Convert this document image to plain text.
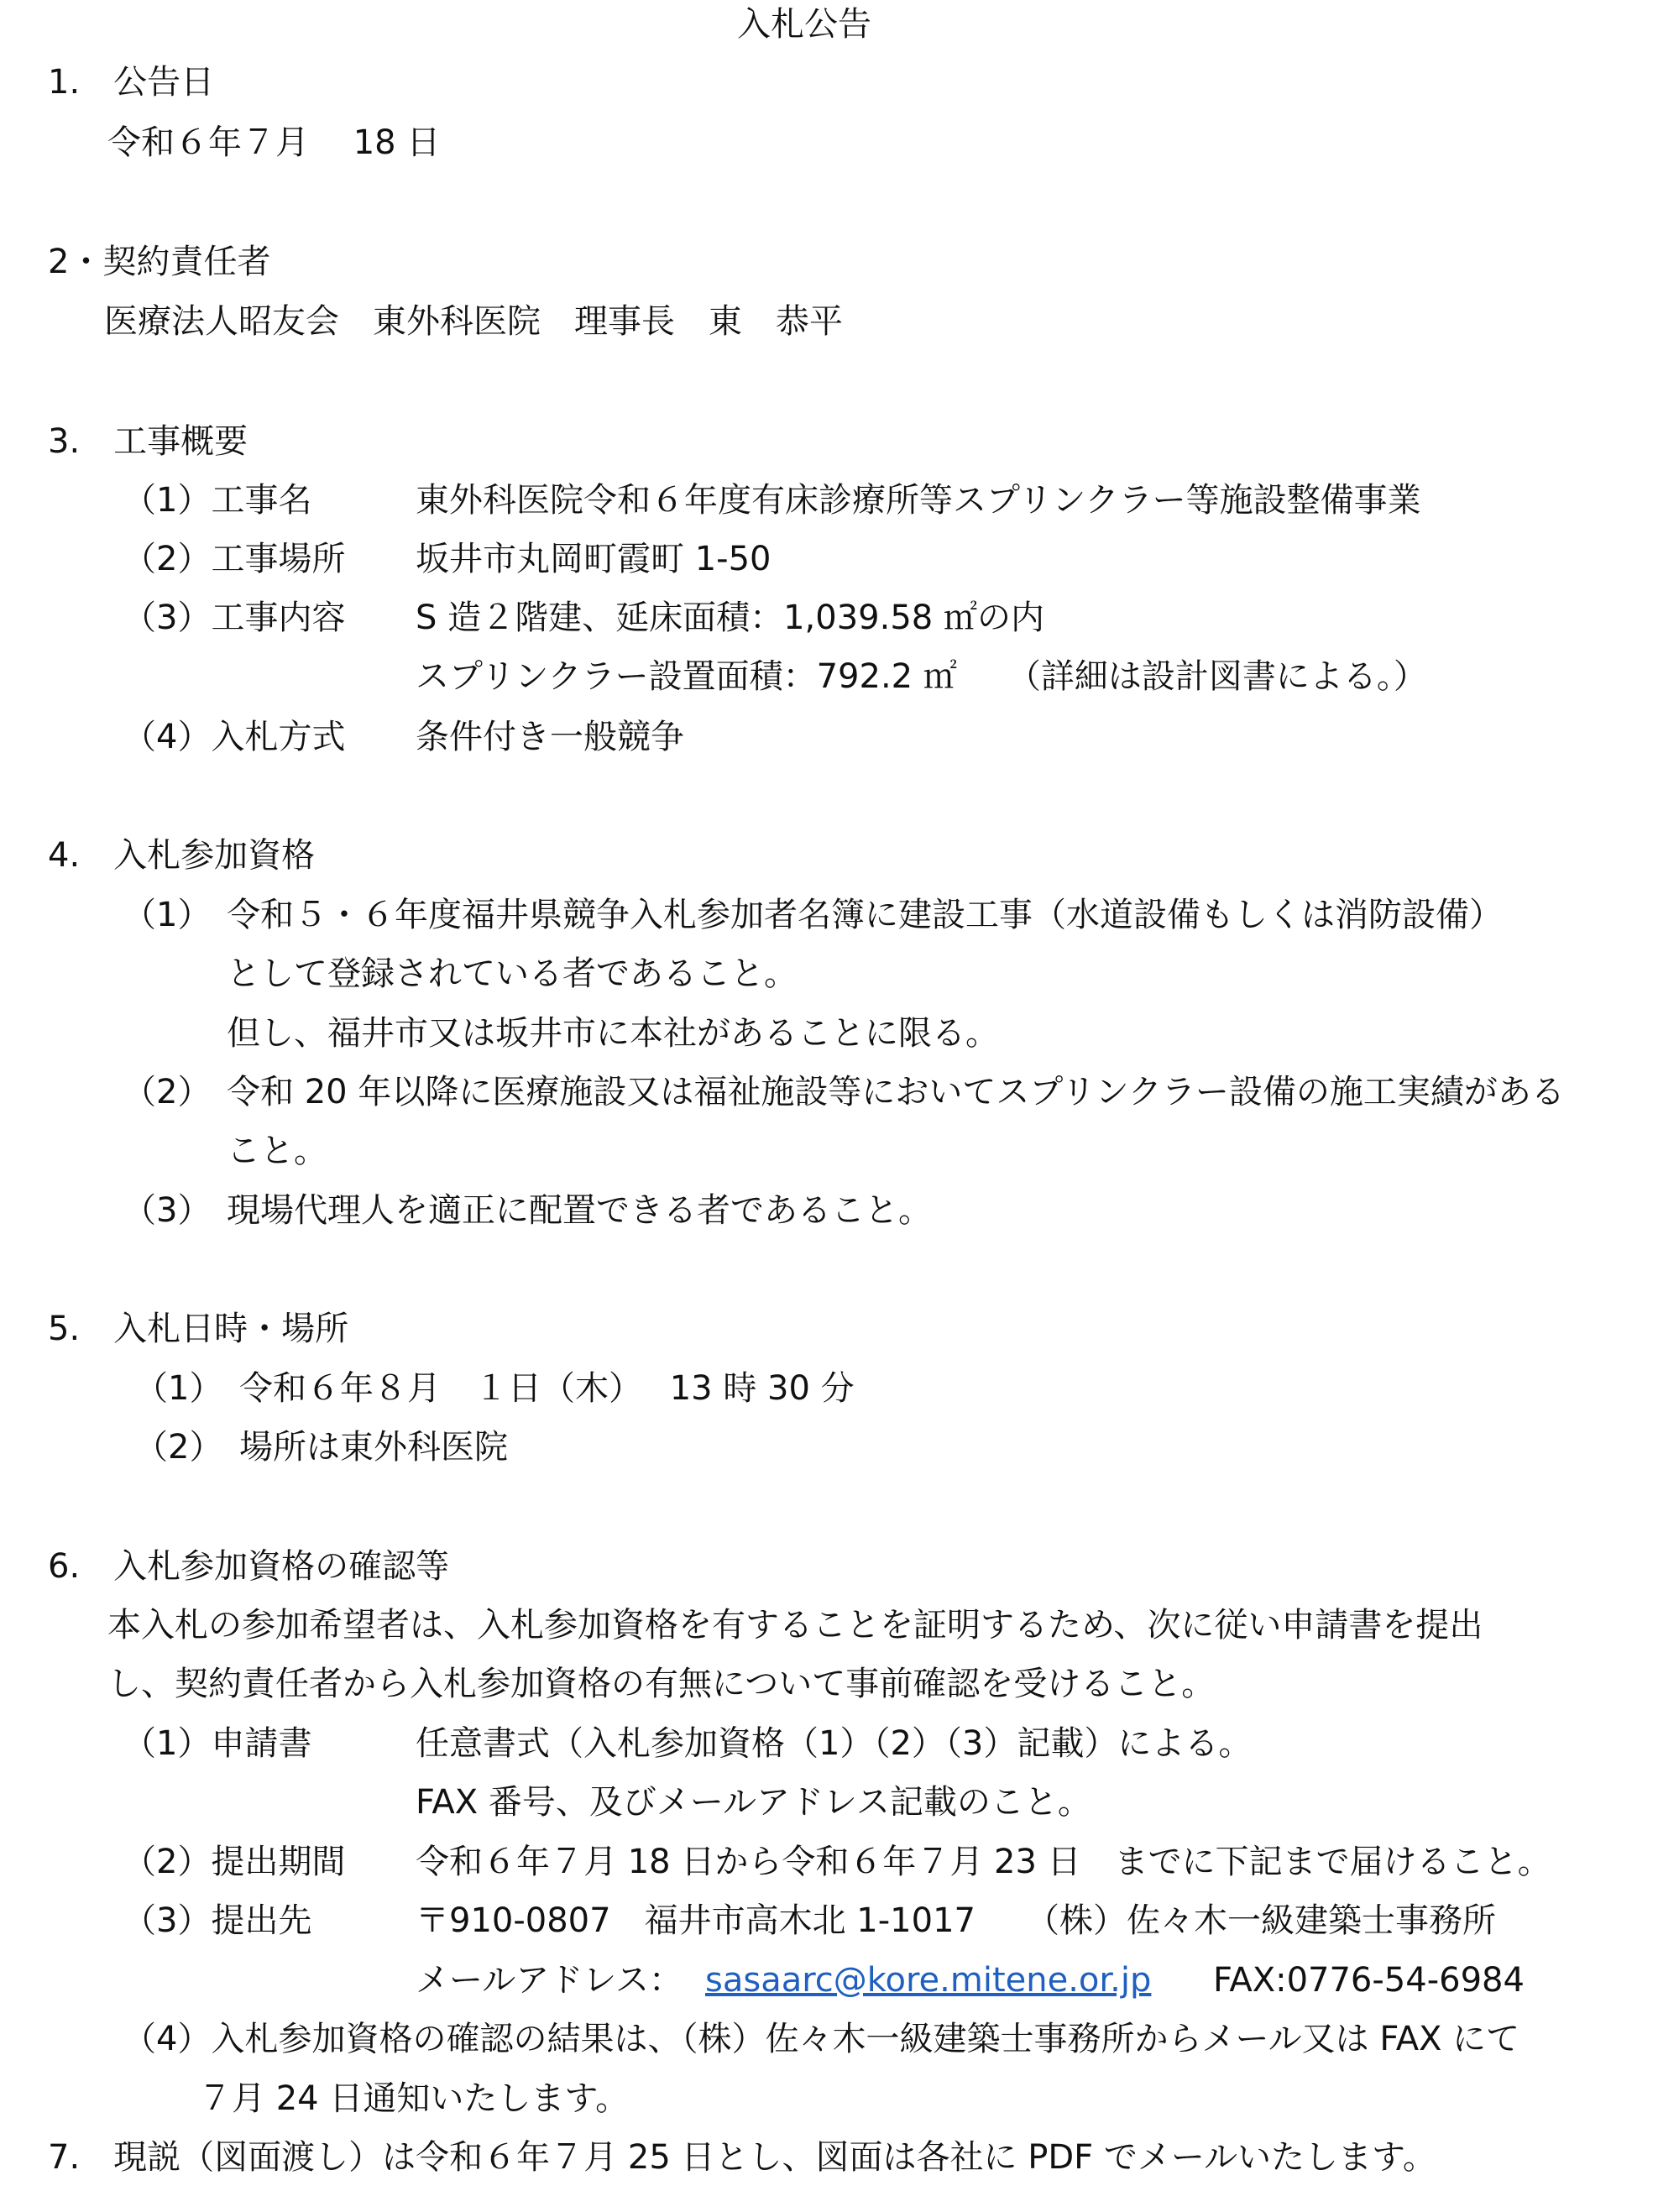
入札公告
1.　公告日
令和６年７月　 18 日
2・契約責任者
医療法人昭友会　東外科医院　理事長　東　恭平
3.　工事概要
（1）工事名	東外科医院令和６年度有床診療所等スプリンクラー等施設整備事業
（2）工事場所 坂井市丸岡町霞町 1-50
（3）工事内容 S 造２階建、延床面積：1,039.58 ㎡の内
スプリンクラー設置面積：792.2 ㎡　　（詳細は設計図書による。）
（4）入札方式 条件付き一般競争
4.　入札参加資格
（1） 令和５・６年度福井県競争入札参加者名簿に建設工事（水道設備もしくは消防設備）
として登録されている者であること。
但し、福井市又は坂井市に本社があることに限る。
（2） 令和 20 年以降に医療施設又は福祉施設等においてスプリンクラー設備の施工実績がある
こと。
（3） 現場代理人を適正に配置できる者であること。
5.　入札日時・場所
（1） 令和６年８月　１日（木）　 13 時 30 分
（2） 場所は東外科医院
6.　入札参加資格の確認等
本入札の参加希望者は、入札参加資格を有することを証明するため、次に従い申請書を提出
し、契約責任者から入札参加資格の有無について事前確認を受けること。
（1）申請書	任意書式（入札参加資格（1）（2）（3）記載）による。
FAX 番号、及びメールアドレス記載のこと。
（2）提出期間 令和６年７月 18 日から令和６年７月 23 日　までに下記まで届けること。
（3）提出先	〒910-0807　福井市高木北 1-1017　　（株）佐々木一級建築士事務所
メールアドレス： sasaarc@kore.mitene.or.jp FAX:0776-54-6984
（4）入札参加資格の確認の結果は、（株）佐々木一級建築士事務所からメール又は FAX にて
７月 24 日通知いたします。
7.　現説（図面渡し）は令和６年７月 25 日とし、図面は各社に PDF でメールいたします。
